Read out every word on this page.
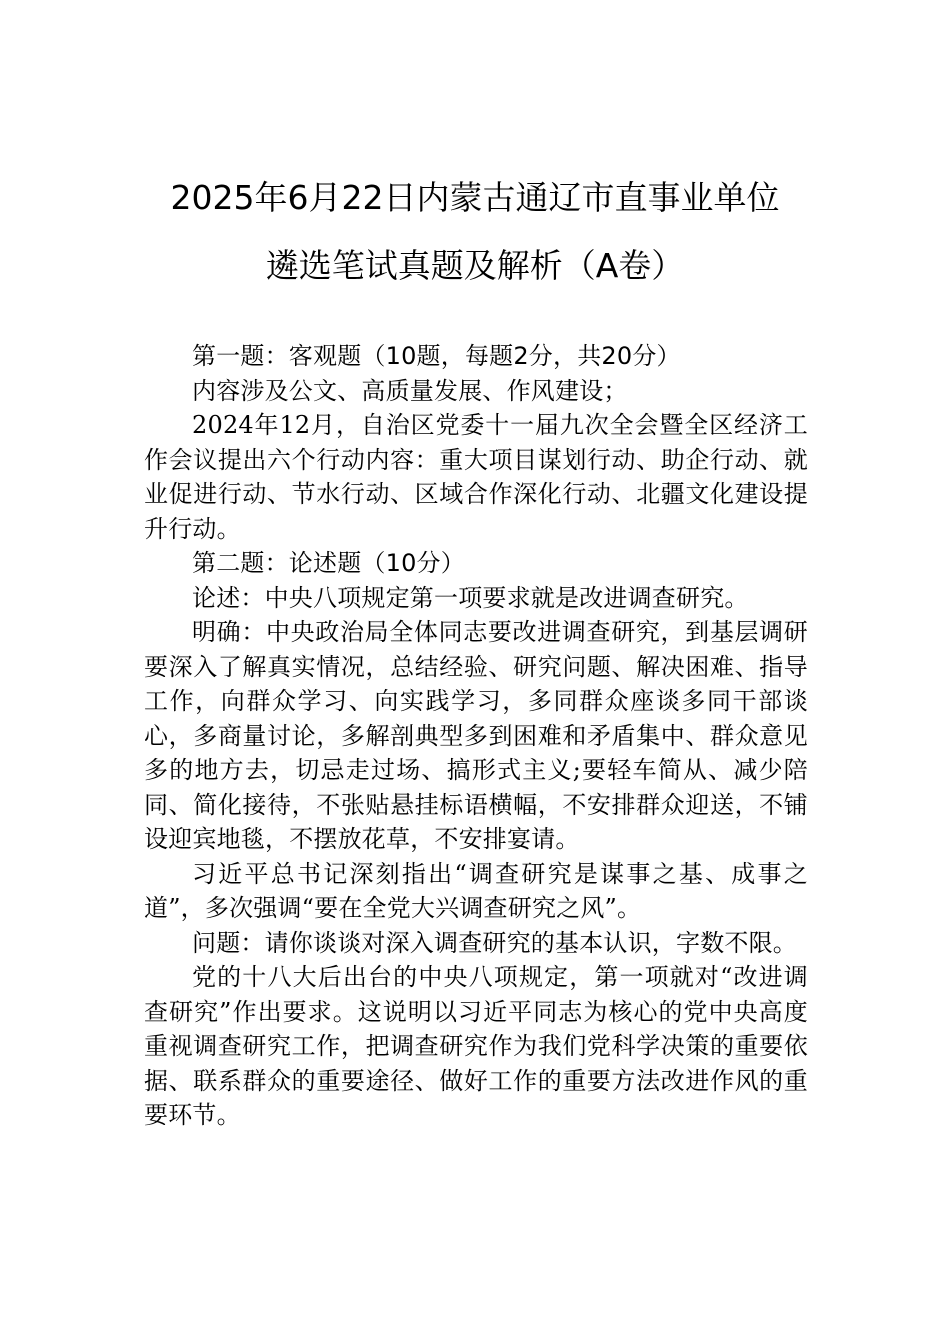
2025年6月22日内蒙古通辽市直事业单位
遴选笔试真题及解析（A卷）

第一题：客观题（10题，每题2分，共20分）

内容涉及公文、高质量发展、作风建设；

2024年12月，自治区党委十一届九次全会暨全区经济工作会议提出六个行动内容：重大项目谋划行动、助企行动、就业促进行动、节水行动、区域合作深化行动、北疆文化建设提升行动。

第二题：论述题（10分）

论述：中央八项规定第一项要求就是改进调查研究。

明确：中央政治局全体同志要改进调查研究，到基层调研要深入了解真实情况，总结经验、研究问题、解决困难、指导工作，向群众学习、向实践学习，多同群众座谈多同干部谈心，多商量讨论，多解剖典型多到困难和矛盾集中、群众意见多的地方去，切忌走过场、搞形式主义;要轻车简从、减少陪同、简化接待，不张贴悬挂标语横幅，不安排群众迎送，不铺设迎宾地毯，不摆放花草，不安排宴请。

习近平总书记深刻指出“调查研究是谋事之基、成事之道”，多次强调“要在全党大兴调查研究之风”。

问题：请你谈谈对深入调查研究的基本认识，字数不限。

党的十八大后出台的中央八项规定，第一项就对“改进调查研究”作出要求。这说明以习近平同志为核心的党中央高度重视调查研究工作，把调查研究作为我们党科学决策的重要依据、联系群众的重要途径、做好工作的重要方法改进作风的重要环节。
